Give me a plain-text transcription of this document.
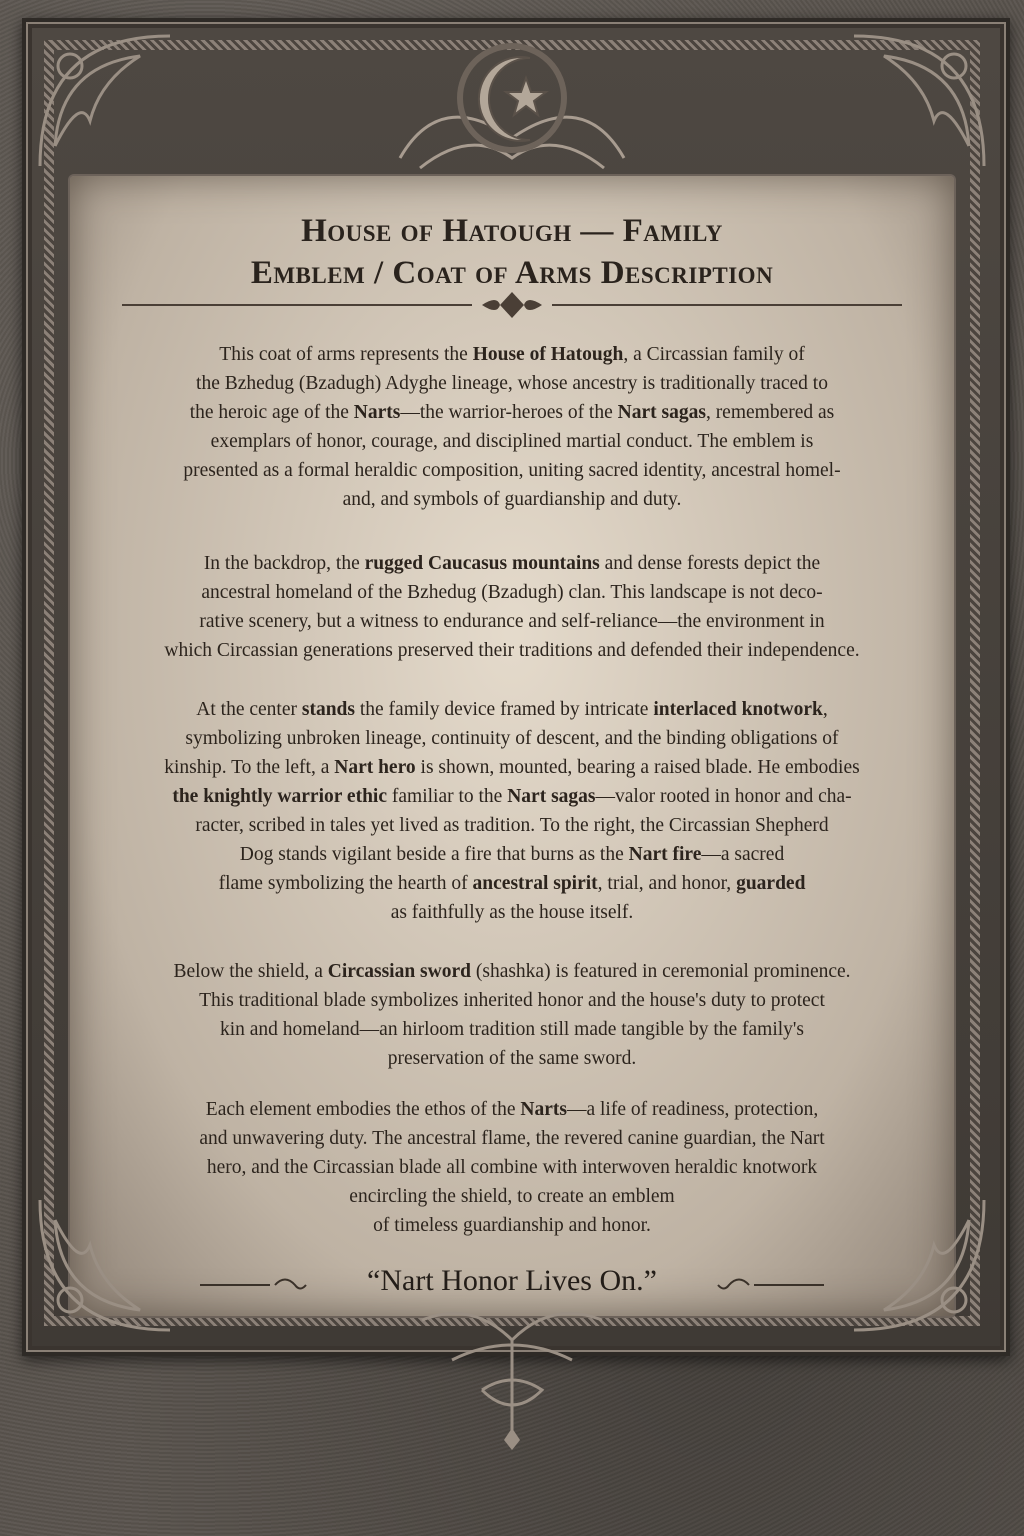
House of Hatough — Family
Emblem / Coat of Arms Description

This coat of arms represents the House of Hatough, a Circassian family of
the Bzhedug (Bzadugh) Adyghe lineage, whose ancestry is traditionally traced to
the heroic age of the Narts—the warrior-heroes of the Nart sagas, remembered as
exemplars of honor, courage, and disciplined martial conduct. The emblem is
presented as a formal heraldic composition, uniting sacred identity, ancestral homel-
and, and symbols of guardianship and duty.

In the backdrop, the rugged Caucasus mountains and dense forests depict the
ancestral homeland of the Bzhedug (Bzadugh) clan. This landscape is not deco-
rative scenery, but a witness to endurance and self-reliance—the environment in
which Circassian generations preserved their traditions and defended their independence.

At the center stands the family device framed by intricate interlaced knotwork,
symbolizing unbroken lineage, continuity of descent, and the binding obligations of
kinship. To the left, a Nart hero is shown, mounted, bearing a raised blade. He embodies
the knightly warrior ethic familiar to the Nart sagas—valor rooted in honor and cha-
racter, scribed in tales yet lived as tradition. To the right, the Circassian Shepherd
Dog stands vigilant beside a fire that burns as the Nart fire—a sacred
flame symbolizing the hearth of ancestral spirit, trial, and honor, guarded
as faithfully as the house itself.

Below the shield, a Circassian sword (shashka) is featured in ceremonial prominence.
This traditional blade symbolizes inherited honor and the house's duty to protect
kin and homeland—an hirloom tradition still made tangible by the family's
preservation of the same sword.

Each element embodies the ethos of the Narts—a life of readiness, protection,
and unwavering duty. The ancestral flame, the revered canine guardian, the Nart
hero, and the Circassian blade all combine with interwoven heraldic knotwork
encircling the shield, to create an emblem
of timeless guardianship and honor.

“Nart Honor Lives On.”
